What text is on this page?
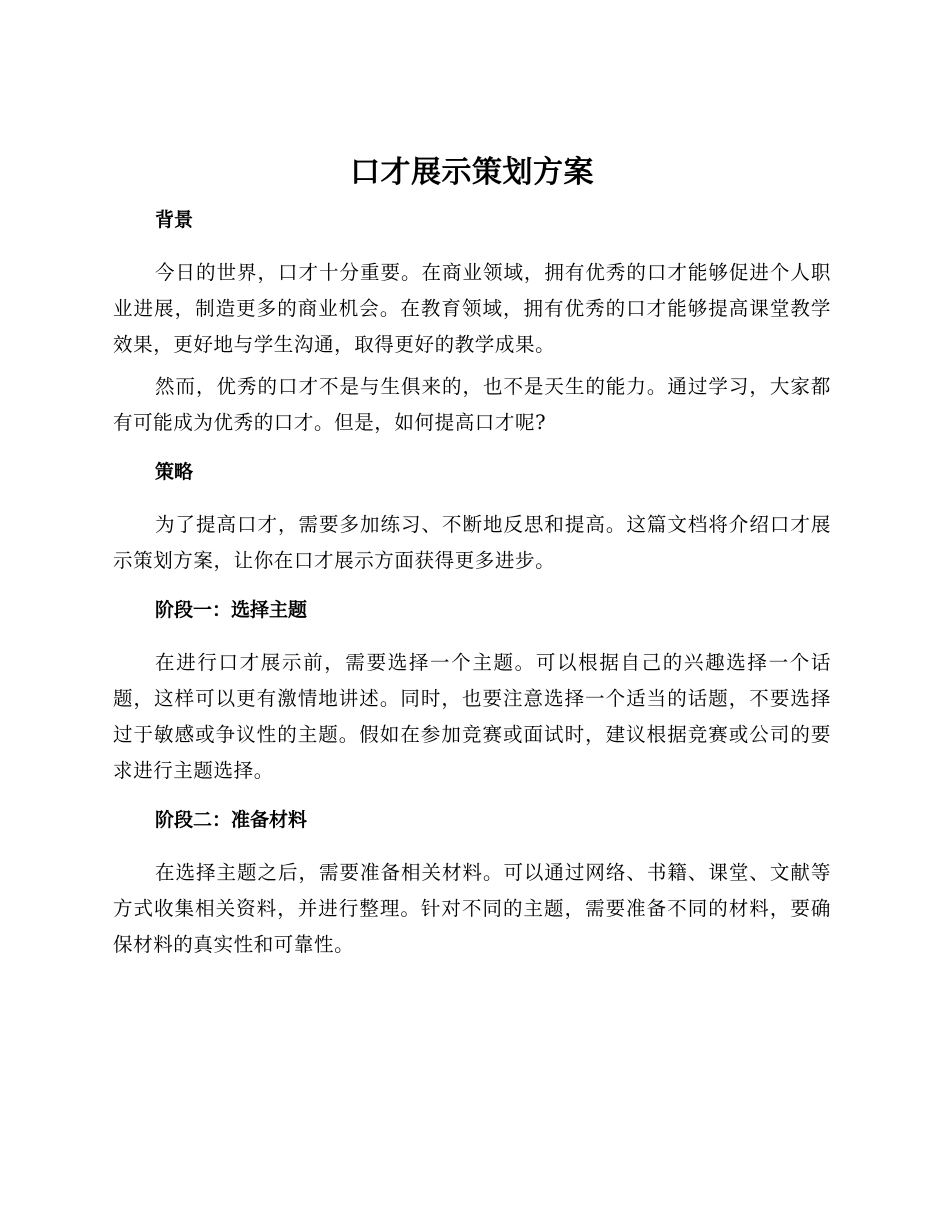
口才展示策划方案
背景

今日的世界，口才十分重要。在商业领域，拥有优秀的口才能够促进个人职业进展，制造更多的商业机会。在教育领域，拥有优秀的口才能够提高课堂教学效果，更好地与学生沟通，取得更好的教学成果。

然而，优秀的口才不是与生俱来的，也不是天生的能力。通过学习，大家都有可能成为优秀的口才。但是，如何提高口才呢?

策略

为了提高口才，需要多加练习、不断地反思和提高。这篇文档将介绍口才展示策划方案，让你在口才展示方面获得更多进步。

阶段一：选择主题

在进行口才展示前，需要选择一个主题。可以根据自己的兴趣选择一个话题，这样可以更有激情地讲述。同时，也要注意选择一个适当的话题，不要选择过于敏感或争议性的主题。假如在参加竞赛或面试时，建议根据竞赛或公司的要求进行主题选择。

阶段二：准备材料

在选择主题之后，需要准备相关材料。可以通过网络、书籍、课堂、文献等方式收集相关资料，并进行整理。针对不同的主题，需要准备不同的材料，要确保材料的真实性和可靠性。
